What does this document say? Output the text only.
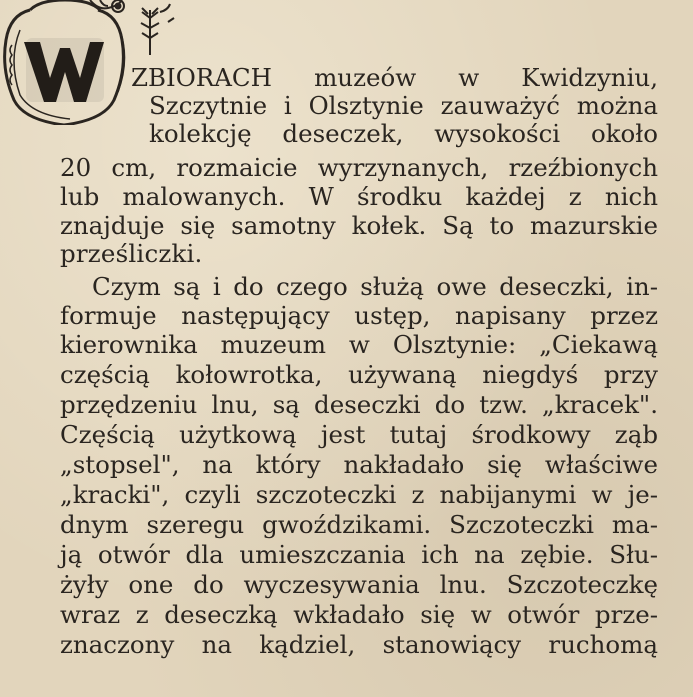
W
ZBIORACH muzeów w Kwidzyniu,
Szczytnie i Olsztynie zauważyć można
kolekcję deseczek, wysokości około
20 cm, rozmaicie wyrzynanych, rzeźbionych
lub malowanych. W środku każdej z nich
znajduje się samotny kołek. Są to mazurskie
prześliczki.
Czym są i do czego służą owe deseczki, in-
formuje następujący ustęp, napisany przez
kierownika muzeum w Olsztynie: „Ciekawą
częścią kołowrotka, używaną niegdyś przy
przędzeniu lnu, są deseczki do tzw. „kracek".
Częścią użytkową jest tutaj środkowy ząb
„stopsel", na który nakładało się właściwe
„kracki", czyli szczoteczki z nabijanymi w je-
dnym szeregu gwoździkami. Szczoteczki ma-
ją otwór dla umieszczania ich na zębie. Słu-
żyły one do wyczesywania lnu. Szczoteczkę
wraz z deseczką wkładało się w otwór prze-
znaczony na kądziel, stanowiący ruchomą
